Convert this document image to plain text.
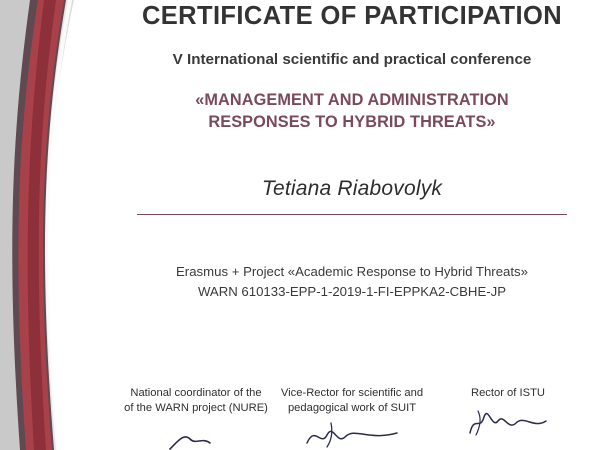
CERTIFICATE OF PARTICIPATION
V International scientific and practical conference
«MANAGEMENT AND ADMINISTRATION
RESPONSES TO HYBRID THREATS»
Tetiana Riabovolyk
Erasmus + Project «Academic Response to Hybrid Threats»
WARN 610133-EPP-1-2019-1-FI-EPPKA2-CBHE-JP
National coordinator of the
of the WARN project (NURE)
Vice-Rector for scientific and
pedagogical work of SUIT
Rector of ISTU
